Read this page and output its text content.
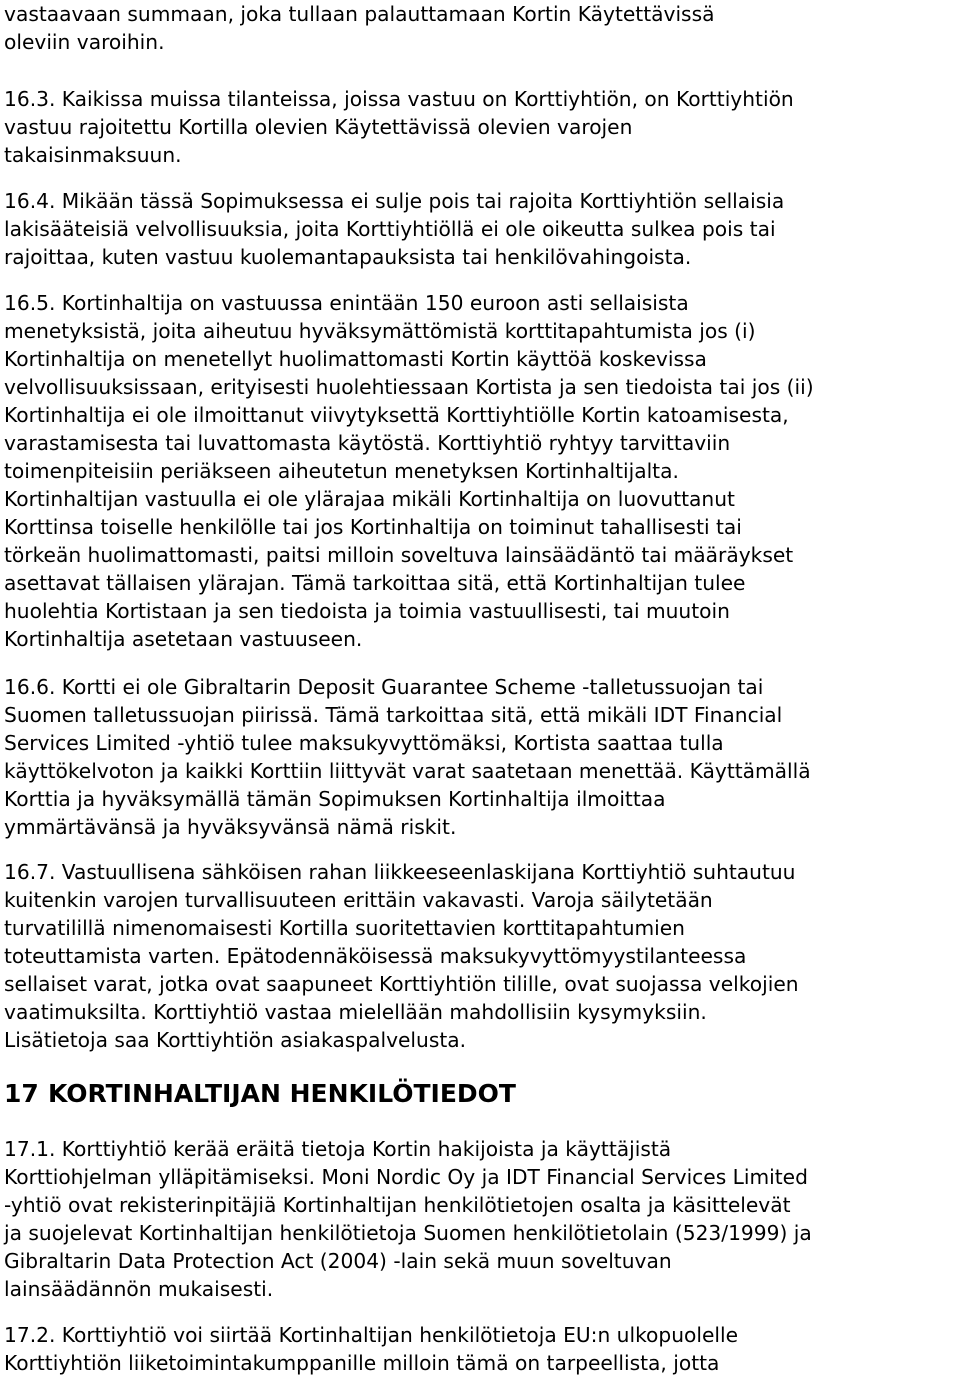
vastaavaan summaan, joka tullaan palauttamaan Kortin Käytettävissä
oleviin varoihin.

16.3. Kaikissa muissa tilanteissa, joissa vastuu on Korttiyhtiön, on Korttiyhtiön
vastuu rajoitettu Kortilla olevien Käytettävissä olevien varojen
takaisinmaksuun.

16.4. Mikään tässä Sopimuksessa ei sulje pois tai rajoita Korttiyhtiön sellaisia
lakisääteisiä velvollisuuksia, joita Korttiyhtiöllä ei ole oikeutta sulkea pois tai
rajoittaa, kuten vastuu kuolemantapauksista tai henkilövahingoista.

16.5. Kortinhaltija on vastuussa enintään 150 euroon asti sellaisista
menetyksistä, joita aiheutuu hyväksymättömistä korttitapahtumista jos (i)
Kortinhaltija on menetellyt huolimattomasti Kortin käyttöä koskevissa
velvollisuuksissaan, erityisesti huolehtiessaan Kortista ja sen tiedoista tai jos (ii)
Kortinhaltija ei ole ilmoittanut viivytyksettä Korttiyhtiölle Kortin katoamisesta,
varastamisesta tai luvattomasta käytöstä. Korttiyhtiö ryhtyy tarvittaviin
toimenpiteisiin periäkseen aiheutetun menetyksen Kortinhaltijalta.
Kortinhaltijan vastuulla ei ole ylärajaa mikäli Kortinhaltija on luovuttanut
Korttinsa toiselle henkilölle tai jos Kortinhaltija on toiminut tahallisesti tai
törkeän huolimattomasti, paitsi milloin soveltuva lainsäädäntö tai määräykset
asettavat tällaisen ylärajan. Tämä tarkoittaa sitä, että Kortinhaltijan tulee
huolehtia Kortistaan ja sen tiedoista ja toimia vastuullisesti, tai muutoin
Kortinhaltija asetetaan vastuuseen.

16.6. Kortti ei ole Gibraltarin Deposit Guarantee Scheme -talletussuojan tai
Suomen talletussuojan piirissä. Tämä tarkoittaa sitä, että mikäli IDT Financial
Services Limited -yhtiö tulee maksukyvyttömäksi, Kortista saattaa tulla
käyttökelvoton ja kaikki Korttiin liittyvät varat saatetaan menettää. Käyttämällä
Korttia ja hyväksymällä tämän Sopimuksen Kortinhaltija ilmoittaa
ymmärtävänsä ja hyväksyvänsä nämä riskit.

16.7. Vastuullisena sähköisen rahan liikkeeseenlaskijana Korttiyhtiö suhtautuu
kuitenkin varojen turvallisuuteen erittäin vakavasti. Varoja säilytetään
turvatilillä nimenomaisesti Kortilla suoritettavien korttitapahtumien
toteuttamista varten. Epätodennäköisessä maksukyvyttömyystilanteessa
sellaiset varat, jotka ovat saapuneet Korttiyhtiön tilille, ovat suojassa velkojien
vaatimuksilta. Korttiyhtiö vastaa mielellään mahdollisiin kysymyksiin.
Lisätietoja saa Korttiyhtiön asiakaspalvelusta.

17 KORTINHALTIJAN HENKILÖTIEDOT

17.1. Korttiyhtiö kerää eräitä tietoja Kortin hakijoista ja käyttäjistä
Korttiohjelman ylläpitämiseksi. Moni Nordic Oy ja IDT Financial Services Limited
-yhtiö ovat rekisterinpitäjiä Kortinhaltijan henkilötietojen osalta ja käsittelevät
ja suojelevat Kortinhaltijan henkilötietoja Suomen henkilötietolain (523/1999) ja
Gibraltarin Data Protection Act (2004) -lain sekä muun soveltuvan
lainsäädännön mukaisesti.

17.2. Korttiyhtiö voi siirtää Kortinhaltijan henkilötietoja EU:n ulkopuolelle
Korttiyhtiön liiketoimintakumppanille milloin tämä on tarpeellista, jotta
